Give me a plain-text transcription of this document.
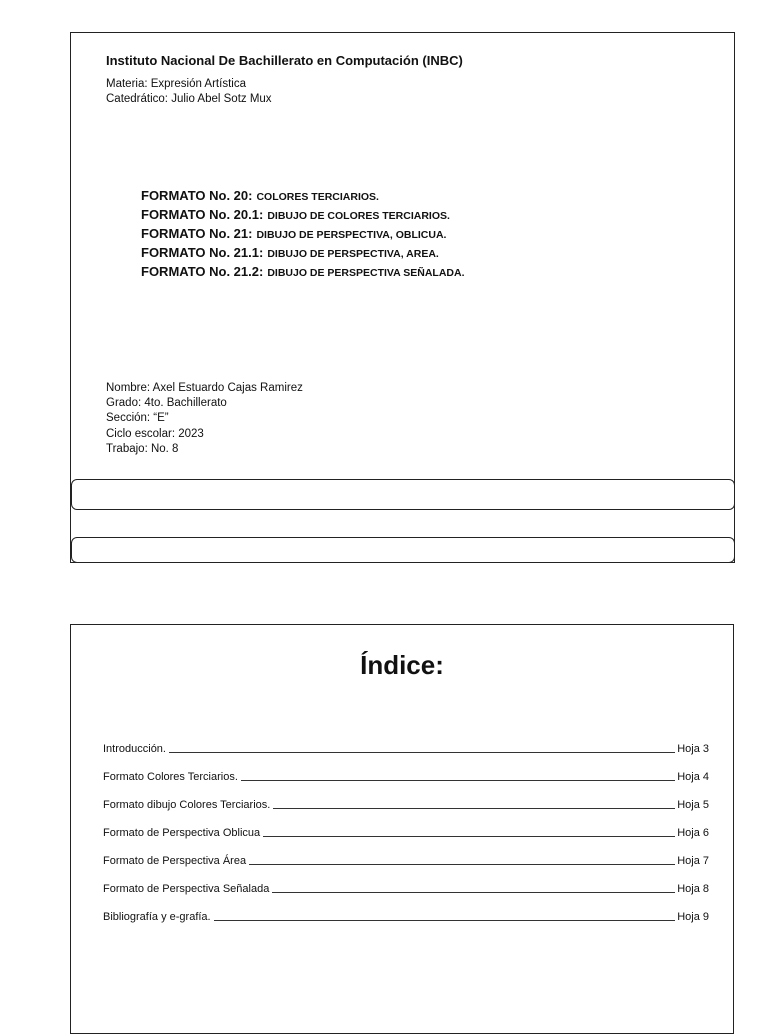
Instituto Nacional De Bachillerato en Computación (INBC)
Materia: Expresión Artística
Catedrático: Julio Abel Sotz Mux
FORMATO No. 20: COLORES TERCIARIOS.
FORMATO No. 20.1: DIBUJO DE COLORES TERCIARIOS.
FORMATO No. 21: DIBUJO DE PERSPECTIVA, OBLICUA.
FORMATO No. 21.1: DIBUJO DE PERSPECTIVA, AREA.
FORMATO No. 21.2: DIBUJO DE PERSPECTIVA SEÑALADA.
Nombre: Axel Estuardo Cajas Ramirez
Grado: 4to. Bachillerato
Sección: “E”
Ciclo escolar: 2023
Trabajo: No. 8
Índice:
Introducción.	Hoja 3
Formato Colores Terciarios.	Hoja 4
Formato dibujo Colores Terciarios.	Hoja 5
Formato de Perspectiva Oblicua	Hoja 6
Formato de Perspectiva Área	Hoja 7
Formato de Perspectiva Señalada	Hoja 8
Bibliografía y e-grafía.	Hoja 9
